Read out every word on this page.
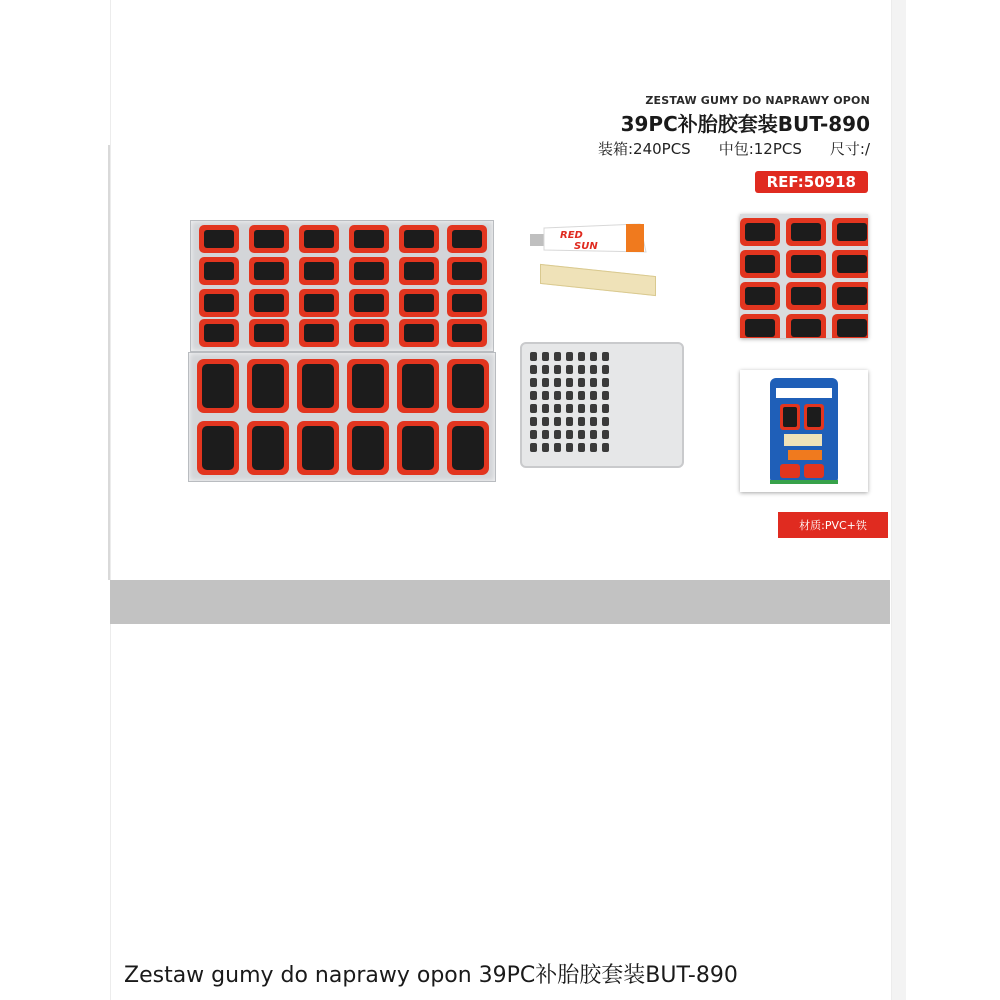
ZESTAW GUMY DO NAPRAWY OPON
39PC补胎胶套装BUT-890
装箱:240PCS 中包:12PCS 尺寸:/
REF:50918
RED
SUN
材质:PVC+铁
Zestaw gumy do naprawy opon 39PC补胎胶套装BUT-890
